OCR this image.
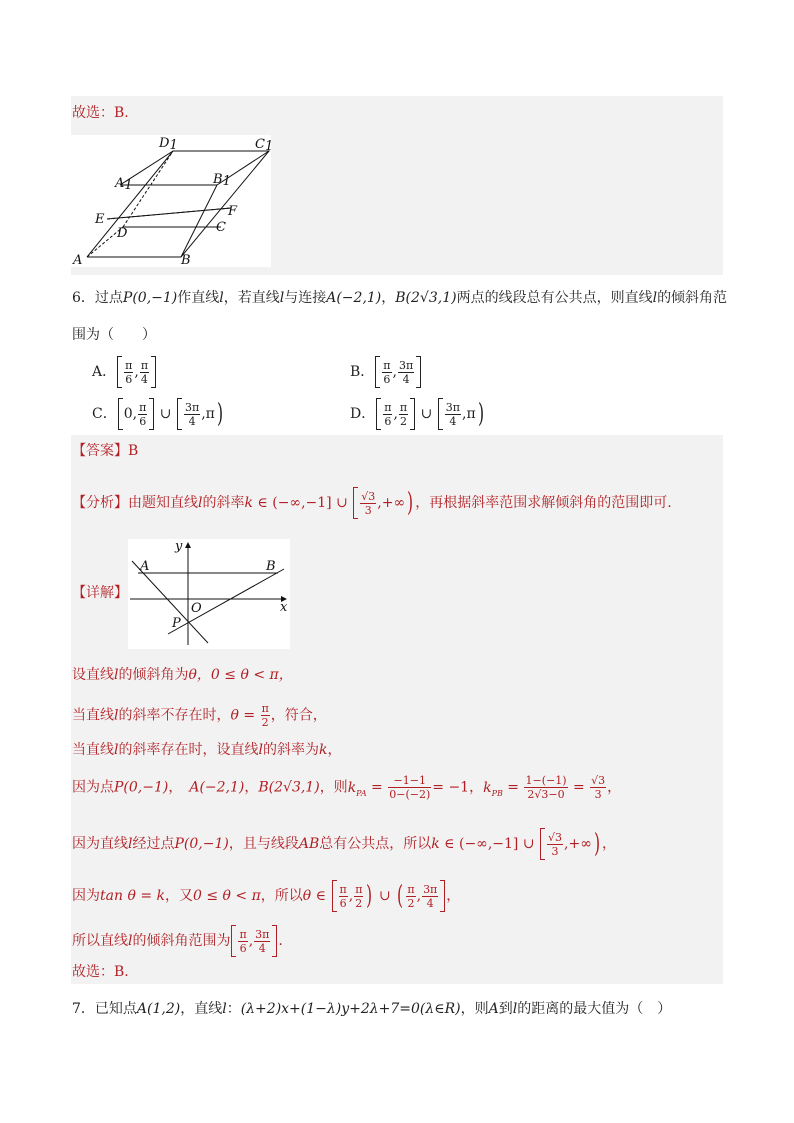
故选：B.
D1	C1
A1	B1
E
F
D	C
A	B
6．过点P(0,−1)作直线l，若直线l与连接A(−2,1)，B(2√3,1)两点的线段总有公共点，则直线l的倾斜角范
围为（　　）
A． $\frac{\pi}{6}$ , $\frac{\pi}{4}$	B． $\frac{\pi}{6}$ , $\frac{3\pi}{4}$
C． 0, $\frac{\pi}{6}$ ∪ $\frac{3\pi}{4} ,\pi$)	D． $\frac{\pi}{6}$ , $\frac{\pi}{2}$ ∪ $\frac{3\pi}{4} ,\pi$)
【答案】B
【分析】由题知直线l的斜率k ∈ (−∞,−1] ∪ $\frac{√3}{3}$ ,+∞) ，再根据斜率范围求解倾斜角的范围即可.
【详解】
y
x
A	B
O
P
设直线l的倾斜角为θ，0 ≤ θ < π，
当直线l的斜率不存在时，$\theta = \frac{\pi}{2}$ ，符合，
当直线l的斜率存在时，设直线l的斜率为k，
因为点P(0,−1)，　A(−2,1)，B(2√3,1)，则$k_{PA} = \frac{-1-1}{0-(-2)} = -1$，$k_{PB} = \frac{1-(-1)}{2√3-0} = \frac{√3}{3}$ ，
因为直线l经过点P(0,−1)，且与线段AB总有公共点，所以k ∈ (−∞,−1] ∪ $\frac{√3}{3}$ ,+∞) ，
因为tan θ = k，又0 ≤ θ < π，所以θ ∈ $\frac{\pi}{6}$ , $\frac{\pi}{2}$ ) ∪ ( $\frac{\pi}{2}$ , $\frac{3\pi}{4}$ ，
所以直线l的倾斜角范围为 $\frac{\pi}{6}$ , $\frac{3\pi}{4}$ .
故选：B.
7．已知点A(1,2)，直线l：(λ+2)x+(1−λ)y+2λ+7=0(λ∈R)，则A到l的距离的最大值为（　）
